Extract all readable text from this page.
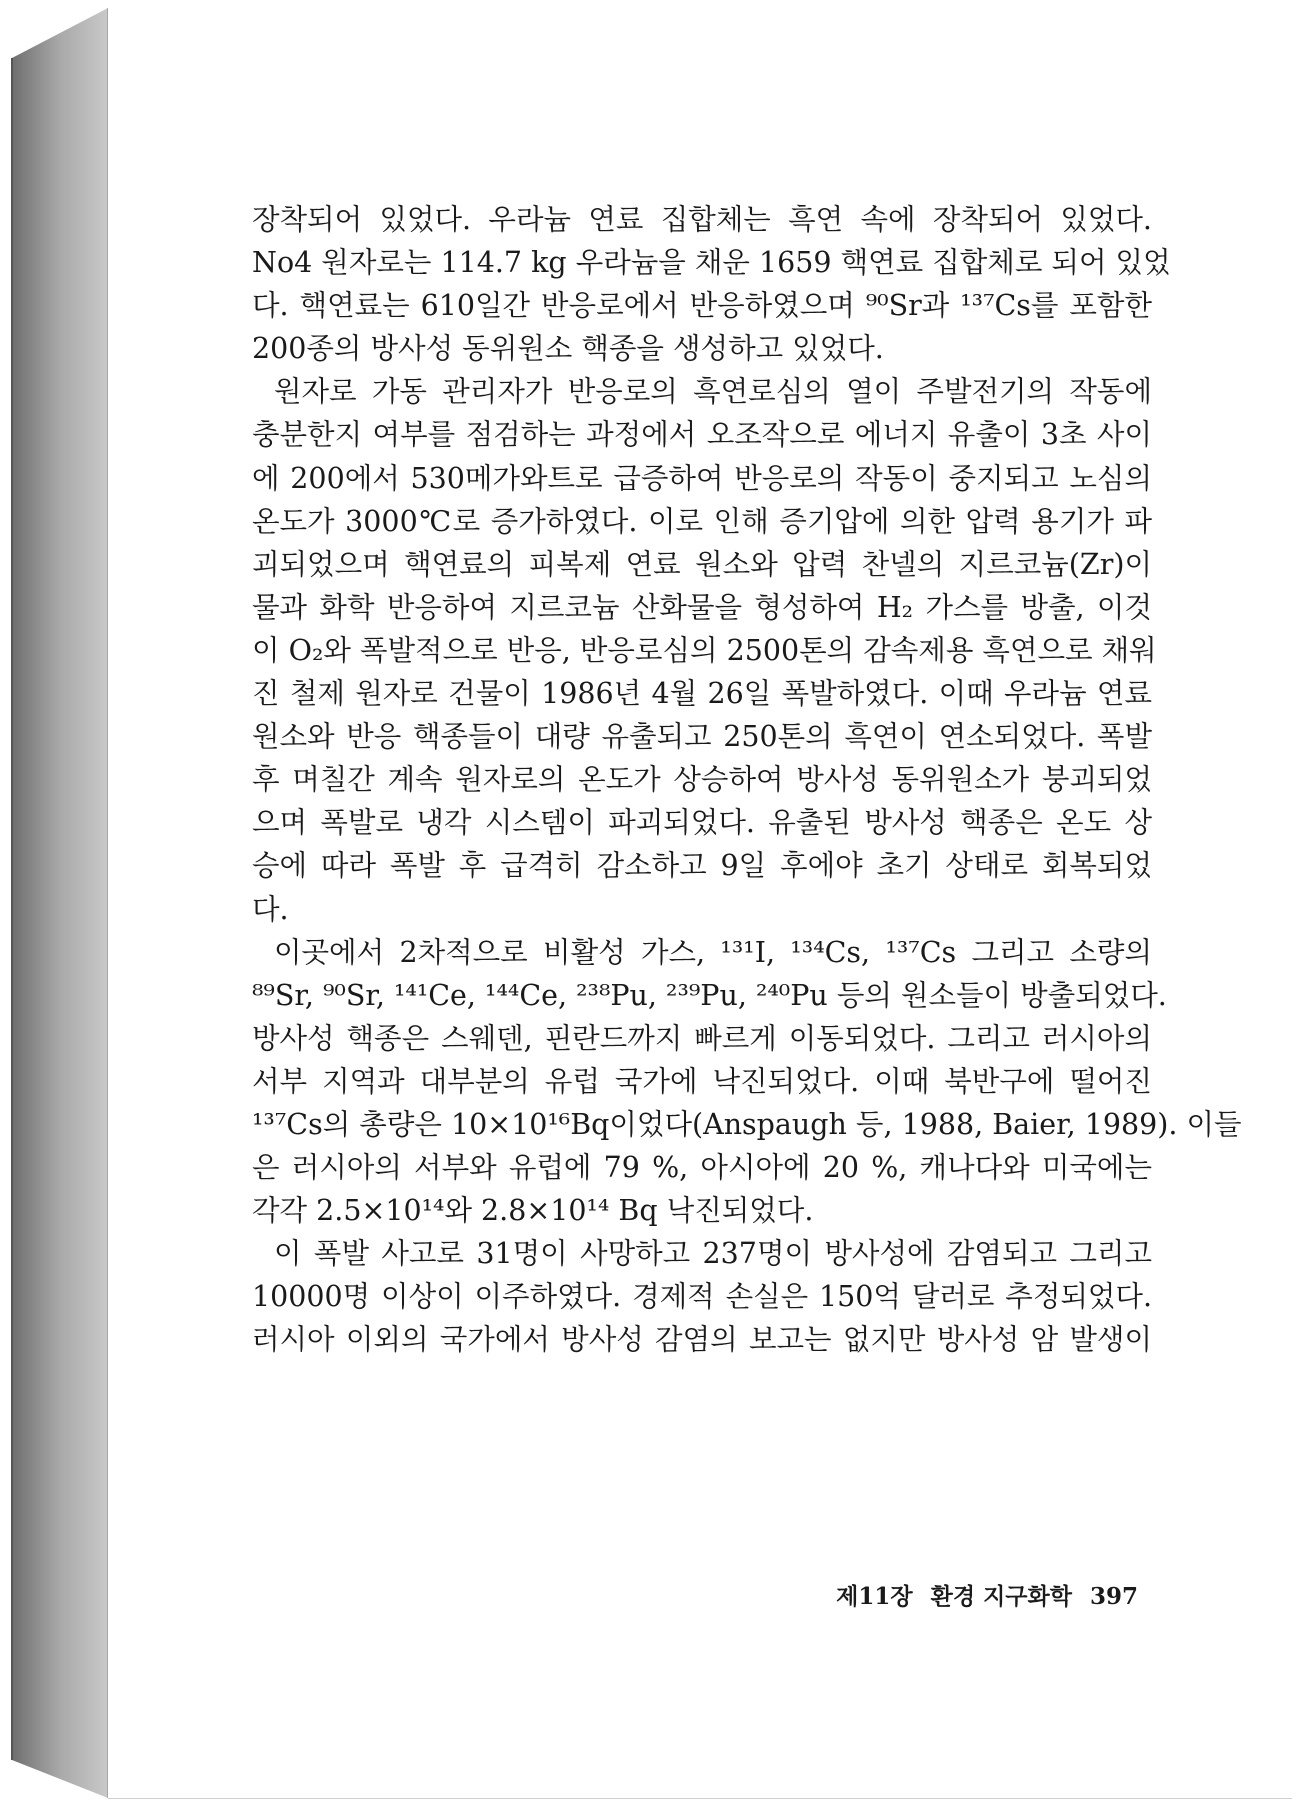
장착되어 있었다. 우라늄 연료 집합체는 흑연 속에 장착되어 있었다.
No4 원자로는 114.7 kg 우라늄을 채운 1659 핵연료 집합체로 되어 있었
다. 핵연료는 610일간 반응로에서 반응하였으며 ⁹⁰Sr과 ¹³⁷Cs를 포함한
200종의 방사성 동위원소 핵종을 생성하고 있었다.
원자로 가동 관리자가 반응로의 흑연로심의 열이 주발전기의 작동에
충분한지 여부를 점검하는 과정에서 오조작으로 에너지 유출이 3초 사이
에 200에서 530메가와트로 급증하여 반응로의 작동이 중지되고 노심의
온도가 3000℃로 증가하였다. 이로 인해 증기압에 의한 압력 용기가 파
괴되었으며 핵연료의 피복제 연료 원소와 압력 찬넬의 지르코늄(Zr)이
물과 화학 반응하여 지르코늄 산화물을 형성하여 H₂ 가스를 방출, 이것
이 O₂와 폭발적으로 반응, 반응로심의 2500톤의 감속제용 흑연으로 채워
진 철제 원자로 건물이 1986년 4월 26일 폭발하였다. 이때 우라늄 연료
원소와 반응 핵종들이 대량 유출되고 250톤의 흑연이 연소되었다. 폭발
후 며칠간 계속 원자로의 온도가 상승하여 방사성 동위원소가 붕괴되었
으며 폭발로 냉각 시스템이 파괴되었다. 유출된 방사성 핵종은 온도 상
승에 따라 폭발 후 급격히 감소하고 9일 후에야 초기 상태로 회복되었
다.
이곳에서 2차적으로 비활성 가스, ¹³¹I, ¹³⁴Cs, ¹³⁷Cs 그리고 소량의
⁸⁹Sr, ⁹⁰Sr, ¹⁴¹Ce, ¹⁴⁴Ce, ²³⁸Pu, ²³⁹Pu, ²⁴⁰Pu 등의 원소들이 방출되었다.
방사성 핵종은 스웨덴, 핀란드까지 빠르게 이동되었다. 그리고 러시아의
서부 지역과 대부분의 유럽 국가에 낙진되었다. 이때 북반구에 떨어진
¹³⁷Cs의 총량은 10×10¹⁶Bq이었다(Anspaugh 등, 1988, Baier, 1989). 이들
은 러시아의 서부와 유럽에 79 %, 아시아에 20 %, 캐나다와 미국에는
각각 2.5×10¹⁴와 2.8×10¹⁴ Bq 낙진되었다.
이 폭발 사고로 31명이 사망하고 237명이 방사성에 감염되고 그리고
10000명 이상이 이주하였다. 경제적 손실은 150억 달러로 추정되었다.
러시아 이외의 국가에서 방사성 감염의 보고는 없지만 방사성 암 발생이
제11장 환경 지구화학 397
